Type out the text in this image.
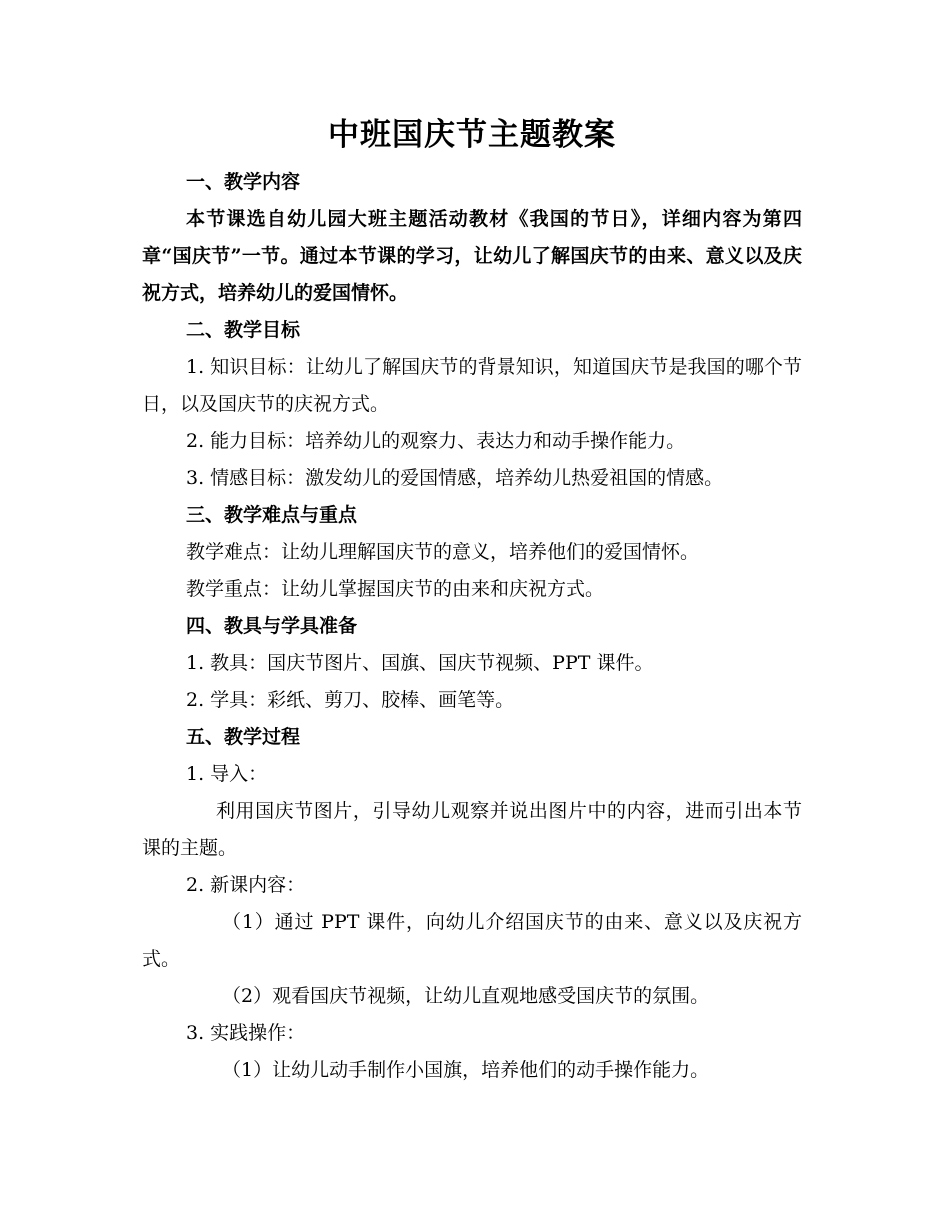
中班国庆节主题教案

一、教学内容

本节课选自幼儿园大班主题活动教材《我国的节日》，详细内容为第四章“国庆节”一节。通过本节课的学习，让幼儿了解国庆节的由来、意义以及庆祝方式，培养幼儿的爱国情怀。

二、教学目标

1. 知识目标：让幼儿了解国庆节的背景知识，知道国庆节是我国的哪个节日，以及国庆节的庆祝方式。

2. 能力目标：培养幼儿的观察力、表达力和动手操作能力。

3. 情感目标：激发幼儿的爱国情感，培养幼儿热爱祖国的情感。

三、教学难点与重点

教学难点：让幼儿理解国庆节的意义，培养他们的爱国情怀。

教学重点：让幼儿掌握国庆节的由来和庆祝方式。

四、教具与学具准备

1. 教具：国庆节图片、国旗、国庆节视频、PPT 课件。

2. 学具：彩纸、剪刀、胶棒、画笔等。

五、教学过程

1. 导入：

利用国庆节图片，引导幼儿观察并说出图片中的内容，进而引出本节课的主题。

2. 新课内容：

（1）通过 PPT 课件，向幼儿介绍国庆节的由来、意义以及庆祝方式。

（2）观看国庆节视频，让幼儿直观地感受国庆节的氛围。

3. 实践操作：

（1）让幼儿动手制作小国旗，培养他们的动手操作能力。
